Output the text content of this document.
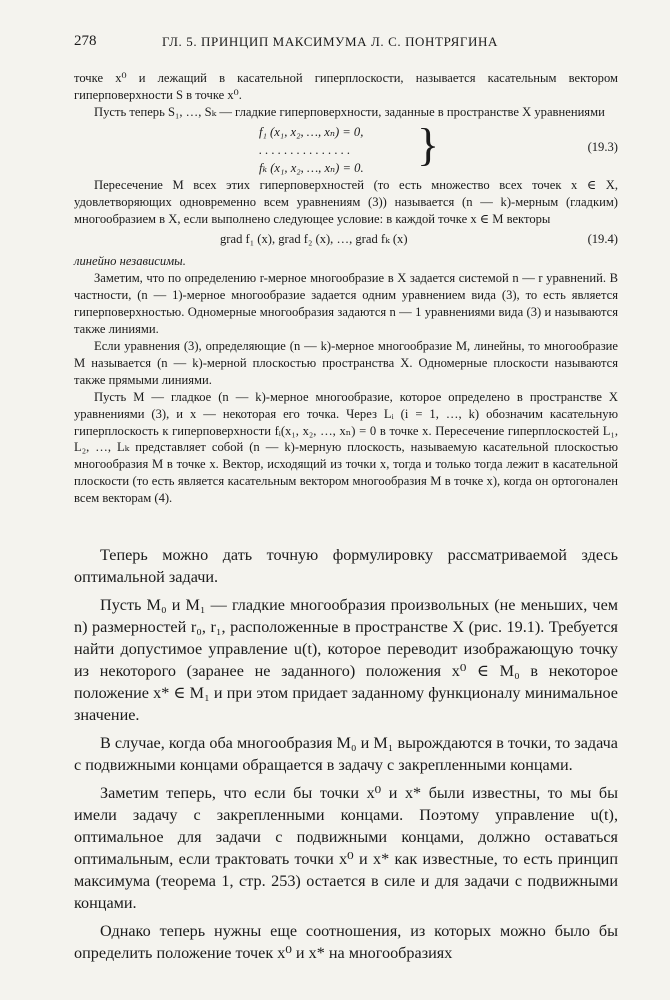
278	ГЛ. 5. ПРИНЦИП МАКСИМУМА Л. С. ПОНТРЯГИНА

точке x⁰ и лежащий в касательной гиперплоскости, называется касательным вектором гиперповерхности S в точке x⁰.

Пусть теперь S₁, …, Sₖ — гладкие гиперповерхности, заданные в пространстве X уравнениями

f₁ (x₁, x₂, …, xₙ) = 0,
. . . . . . . . . . . . . . .
fₖ (x₁, x₂, …, xₙ) = 0. }	(19.3)

Пересечение M всех этих гиперповерхностей (то есть множество всех точек x ∈ X, удовлетворяющих одновременно всем уравнениям (3)) называется (n — k)-мерным (гладким) многообразием в X, если выполнено следующее условие: в каждой точке x ∈ M векторы

grad f₁ (x), grad f₂ (x), …, grad fₖ (x)	(19.4)

линейно независимы.

Заметим, что по определению r-мерное многообразие в X задается системой n — r уравнений. В частности, (n — 1)-мерное многообразие задается одним уравнением вида (3), то есть является гиперповерхностью. Одномерные многообразия задаются n — 1 уравнениями вида (3) и называются также линиями.

Если уравнения (3), определяющие (n — k)-мерное многообразие M, линейны, то многообразие M называется (n — k)-мерной плоскостью пространства X. Одномерные плоскости называются также прямыми линиями.

Пусть M — гладкое (n — k)-мерное многообразие, которое определено в пространстве X уравнениями (3), и x — некоторая его точка. Через Lᵢ (i = 1, …, k) обозначим касательную гиперплоскость к гиперповерхности fᵢ(x₁, x₂, …, xₙ) = 0 в точке x. Пересечение гиперплоскостей L₁, L₂, …, Lₖ представляет собой (n — k)-мерную плоскость, называемую касательной плоскостью многообразия M в точке x. Вектор, исходящий из точки x, тогда и только тогда лежит в касательной плоскости (то есть является касательным вектором многообразия M в точке x), когда он ортогонален всем векторам (4).

Теперь можно дать точную формулировку рассматриваемой здесь оптимальной задачи.

Пусть M₀ и M₁ — гладкие многообразия произвольных (не меньших, чем n) размерностей r₀, r₁, расположенные в пространстве X (рис. 19.1). Требуется найти допустимое управление u(t), которое переводит изображающую точку из некоторого (заранее не заданного) положения x⁰ ∈ M₀ в некоторое положение x* ∈ M₁ и при этом придает заданному функционалу минимальное значение.

В случае, когда оба многообразия M₀ и M₁ вырождаются в точки, то задача с подвижными концами обращается в задачу с закрепленными концами.

Заметим теперь, что если бы точки x⁰ и x* были известны, то мы бы имели задачу с закрепленными концами. Поэтому управление u(t), оптимальное для задачи с подвижными концами, должно оставаться оптимальным, если трактовать точки x⁰ и x* как известные, то есть принцип максимума (теорема 1, стр. 253) остается в силе и для задачи с подвижными концами.

Однако теперь нужны еще соотношения, из которых можно было бы определить положение точек x⁰ и x* на многообразиях
